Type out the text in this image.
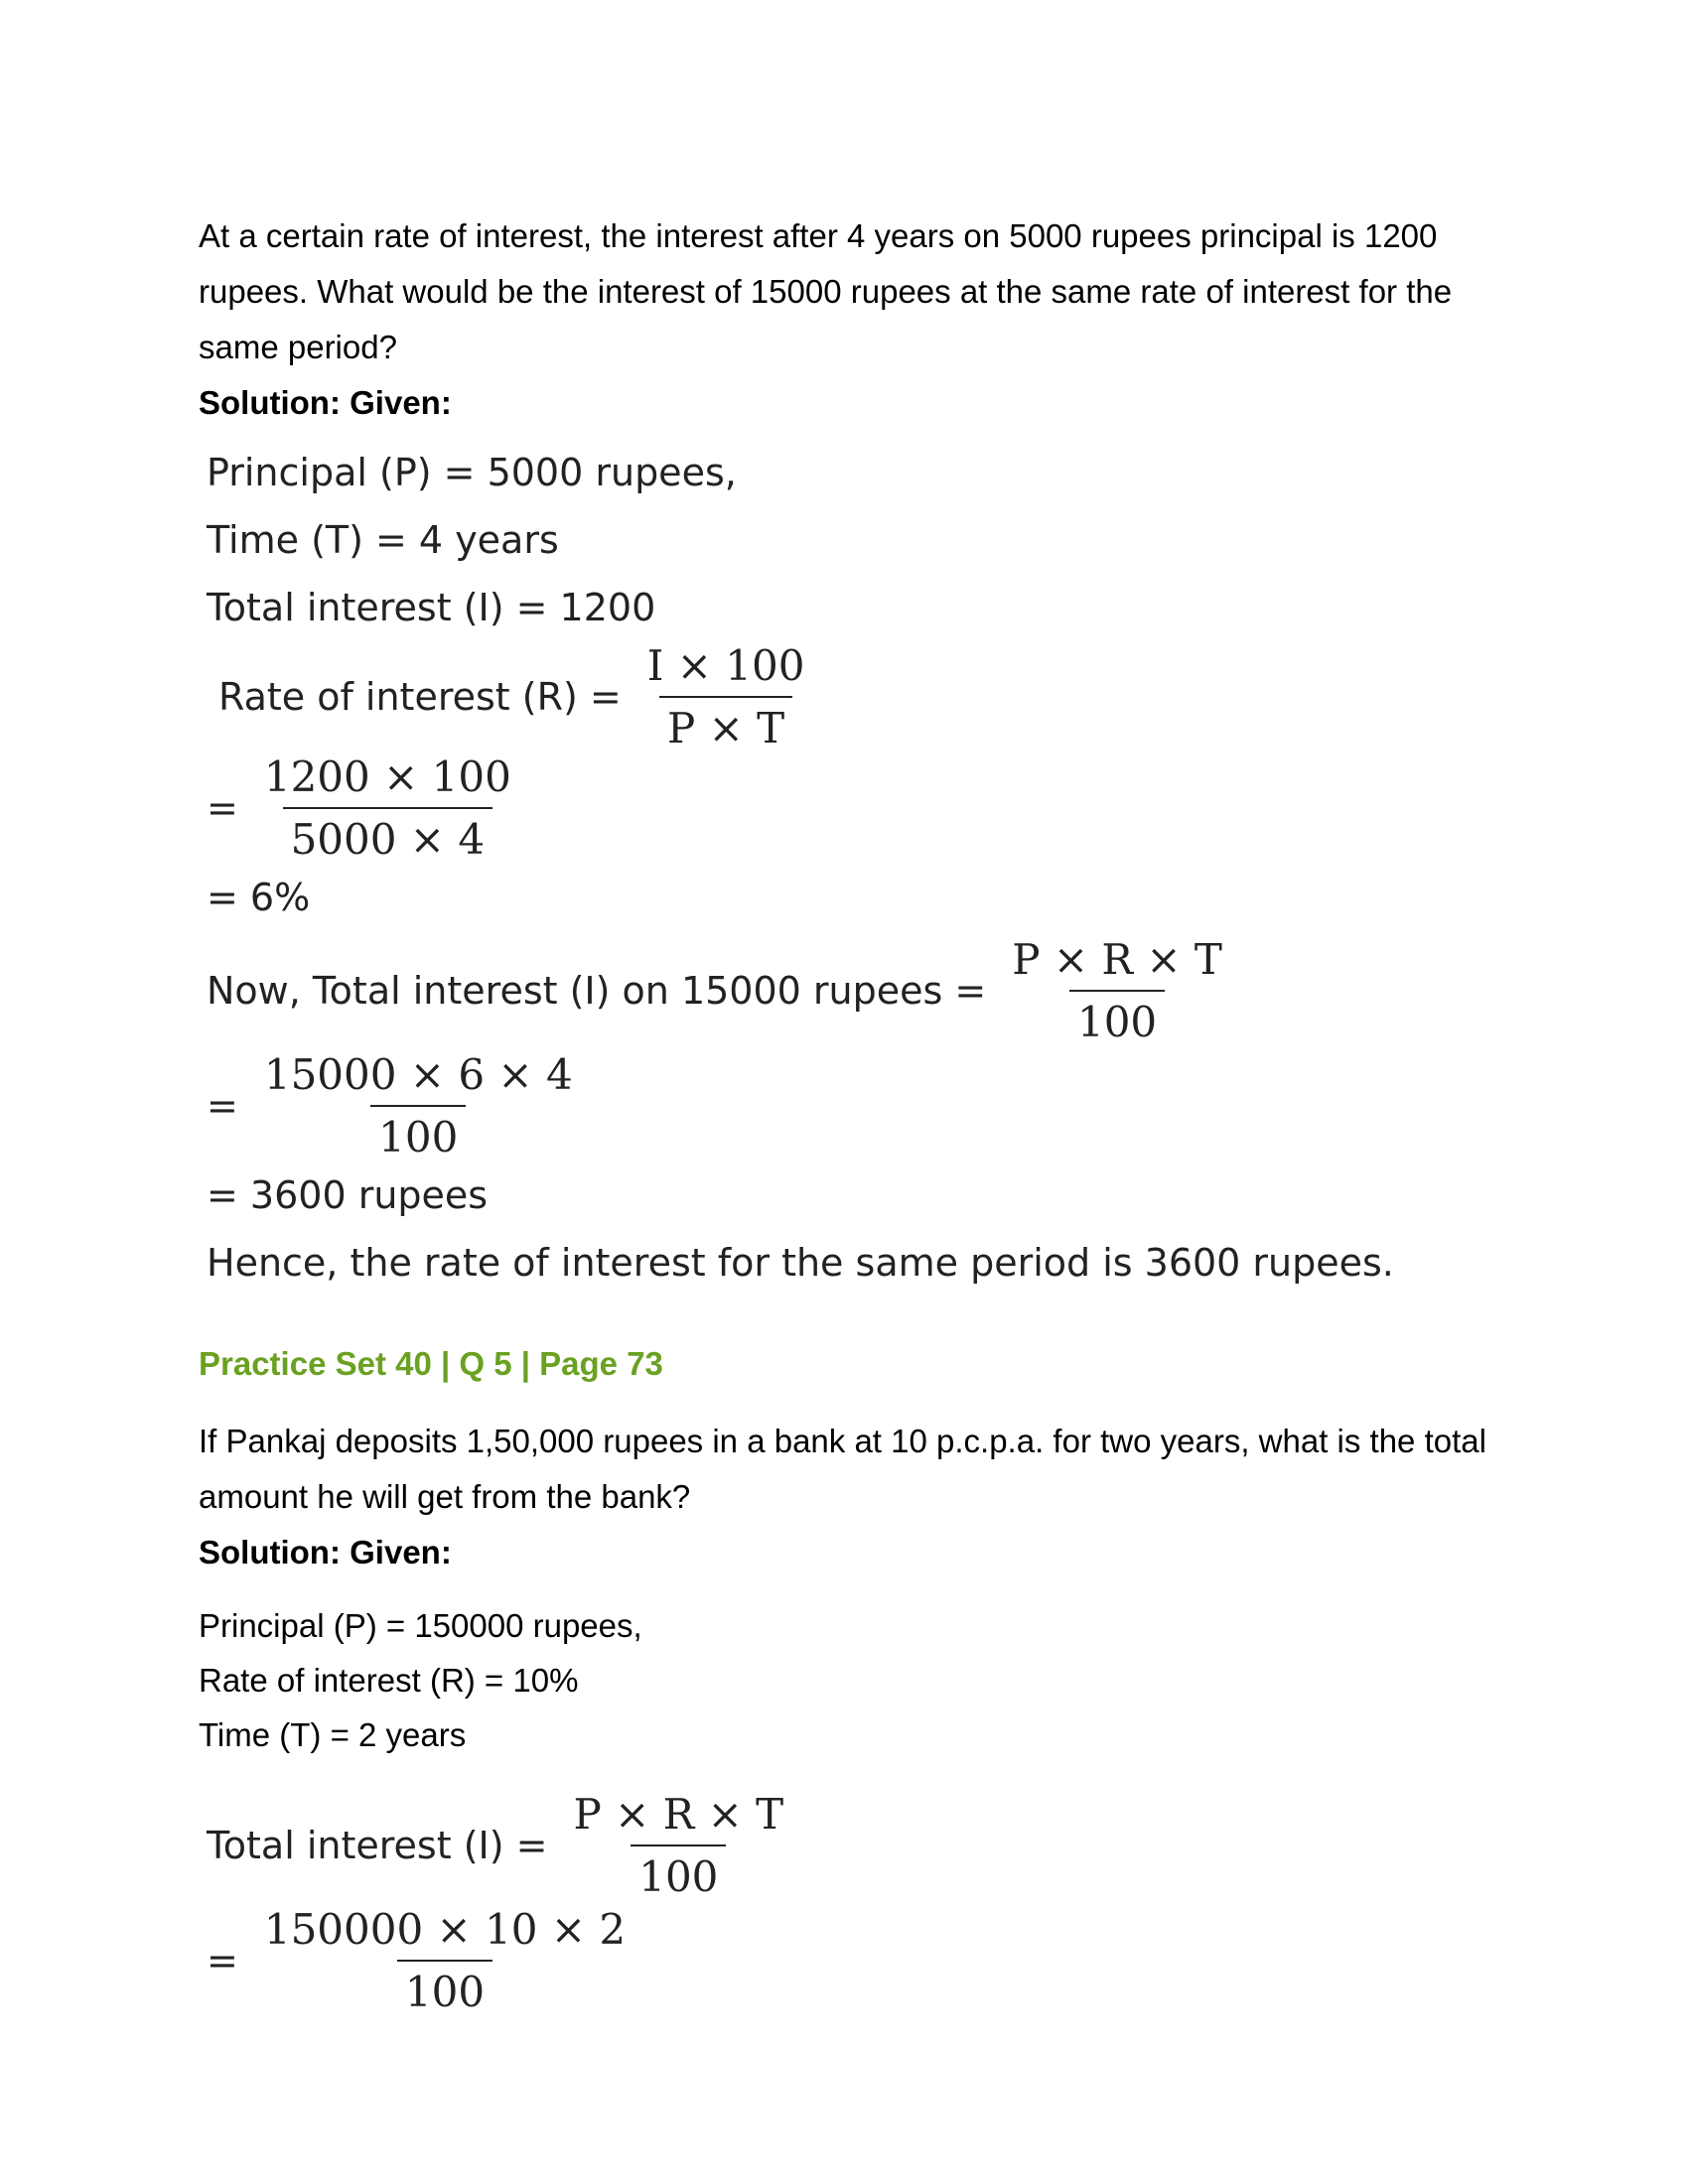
At a certain rate of interest, the interest after 4 years on 5000 rupees principal is 1200 rupees. What would be the interest of 15000 rupees at the same rate of interest for the same period?

Solution: Given:

Principal (P) = 5000 rupees,
Time (T) = 4 years
Total interest (I) = 1200
Rate of interest $(R) = \frac{I \times 100}{P \times T}$
= $\frac{1200 \times 100}{5000 \times 4}$
= 6%
Now, Total interest (I) on 15000 rupees = $\frac{P \times R \times T}{100}$
= $\frac{15000 \times 6 \times 4}{100}$
= 3600 rupees
Hence, the rate of interest for the same period is 3600 rupees.

Practice Set 40 | Q 5 | Page 73

If Pankaj deposits 1,50,000 rupees in a bank at 10 p.c.p.a. for two years, what is the total amount he will get from the bank?

Solution: Given:

Principal (P) = 150000 rupees,

Rate of interest (R) = 10%

Time (T) = 2 years

Total interest $(I) = \frac{P \times R \times T}{100}$
= $\frac{150000 \times 10 \times 2}{100}$
